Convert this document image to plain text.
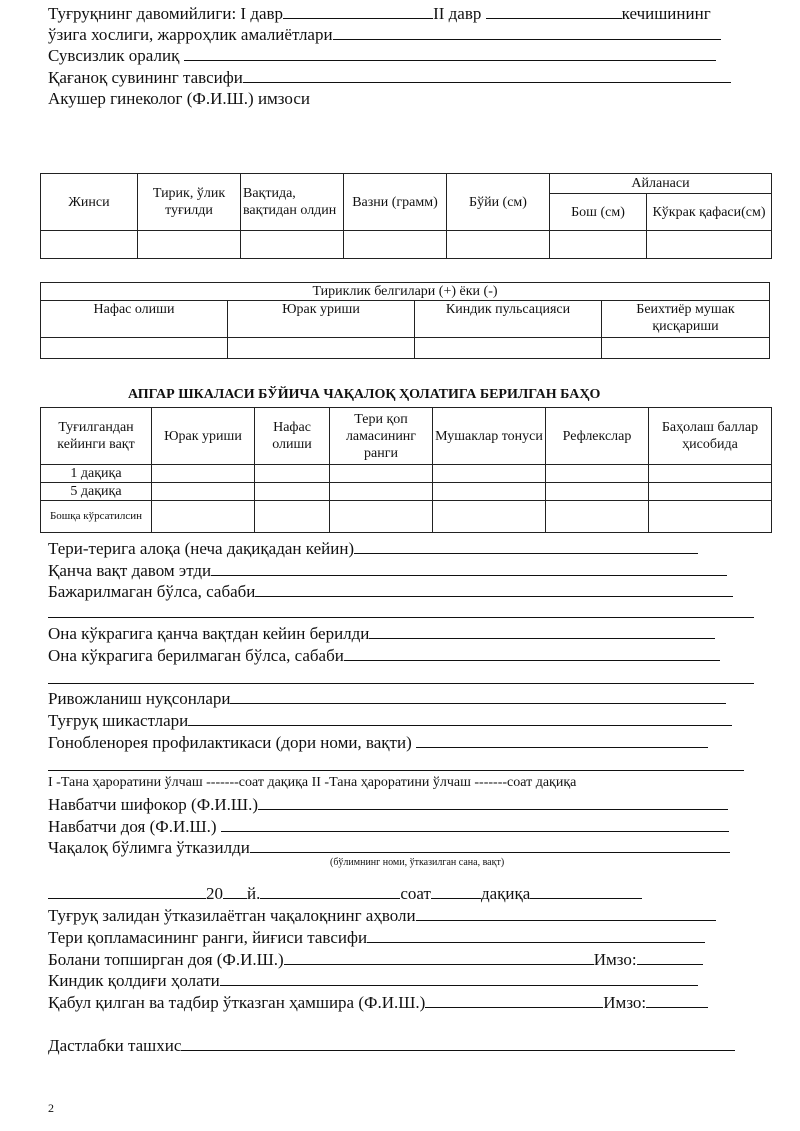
Туғруқнинг давомийлиги: I давр	II давр	кечишининг
ўзига хослиги, жарроҳлик амалиётлари
Сувсизлик оралиқ
Қағаноқ сувининг тавсифи
Акушер гинеколог (Ф.И.Ш.) имзоси
Жинси	Тирик, ўлик туғилди	Вақтида, вақтидан олдин	Вазни (грамм)	Бўйи (см)	Айланаси	
					Бош (см)	Кўкрак қафаси(см)

Тириклик белгилари (+) ёки (-)			
Нафас олиши	Юрак уриши	Киндик пульсацияси	Беихтиёр мушак қисқариши

АПГАР ШКАЛАСИ БЎЙИЧА ЧАҚАЛОҚ ҲОЛАТИГА БЕРИЛГАН БАҲО
Туғилгандан кейинги вақт	Юрак уриши	Нафас олиши	Тери қоп ламасининг ранги	Мушаклар тонуси	Рефлекслар	Баҳолаш баллар ҳисобида
1 дақиқа						
5 дақиқа						
Бошқа кўрсатилсин						
Тери-терига алоқа (неча дақиқадан кейин)
Қанча вақт давом этди
Бажарилмаган бўлса, сабаби
Она кўкрагига қанча вақтдан кейин берилди
Она кўкрагига берилмаган бўлса, сабаби
Ривожланиш нуқсонлари
Туғруқ шикастлари
Гонобленорея профилактикаси (дори номи, вақти)
I -Тана ҳароратини ўлчаш -------соат дақиқа II -Тана ҳароратини ўлчаш -------соат дақиқа
Навбатчи шифокор (Ф.И.Ш.)
Навбатчи доя (Ф.И.Ш.)
Чақалоқ бўлимга ўтказилди
(бўлимнинг номи, ўтказилган сана, вақт)
20 й.	соат	дақиқа
Туғруқ залидан ўтказилаётган чақалоқнинг аҳволи
Тери қопламасининг ранги, йиғиси тавсифи
Болани топширган доя (Ф.И.Ш.)	Имзо:
Киндик қолдиғи ҳолати
Қабул қилган ва тадбир ўтказган ҳамшира (Ф.И.Ш.)	Имзо:
Дастлабки ташхис
2
